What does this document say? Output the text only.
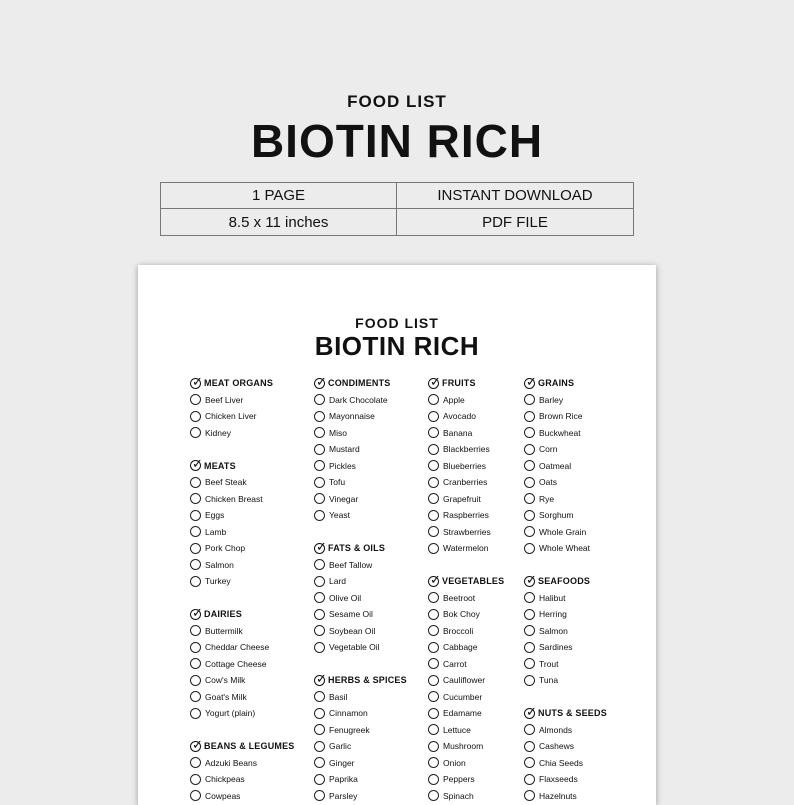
FOOD LIST
BIOTIN RICH
1 PAGE	INSTANT DOWNLOAD
8.5 x 11 inches	PDF FILE
FOOD LIST
BIOTIN RICH
✓ MEAT ORGANS
Beef Liver
Chicken Liver
Kidney
✓ MEATS
Beef Steak
Chicken Breast
Eggs
Lamb
Pork Chop
Salmon
Turkey
✓ DAIRIES
Buttermilk
Cheddar Cheese
Cottage Cheese
Cow's Milk
Goat's Milk
Yogurt (plain)
✓ BEANS & LEGUMES
Adzuki Beans
Chickpeas
Cowpeas
✓ CONDIMENTS
Dark Chocolate
Mayonnaise
Miso
Mustard
Pickles
Tofu
Vinegar
Yeast
✓ FATS & OILS
Beef Tallow
Lard
Olive Oil
Sesame Oil
Soybean Oil
Vegetable Oil
✓ HERBS & SPICES
Basil
Cinnamon
Fenugreek
Garlic
Ginger
Paprika
Parsley
✓ FRUITS
Apple
Avocado
Banana
Blackberries
Blueberries
Cranberries
Grapefruit
Raspberries
Strawberries
Watermelon
✓ VEGETABLES
Beetroot
Bok Choy
Broccoli
Cabbage
Carrot
Cauliflower
Cucumber
Edamame
Lettuce
Mushroom
Onion
Peppers
Spinach
✓ GRAINS
Barley
Brown Rice
Buckwheat
Corn
Oatmeal
Oats
Rye
Sorghum
Whole Grain
Whole Wheat
✓ SEAFOODS
Halibut
Herring
Salmon
Sardines
Trout
Tuna
✓ NUTS & SEEDS
Almonds
Cashews
Chia Seeds
Flaxseeds
Hazelnuts
